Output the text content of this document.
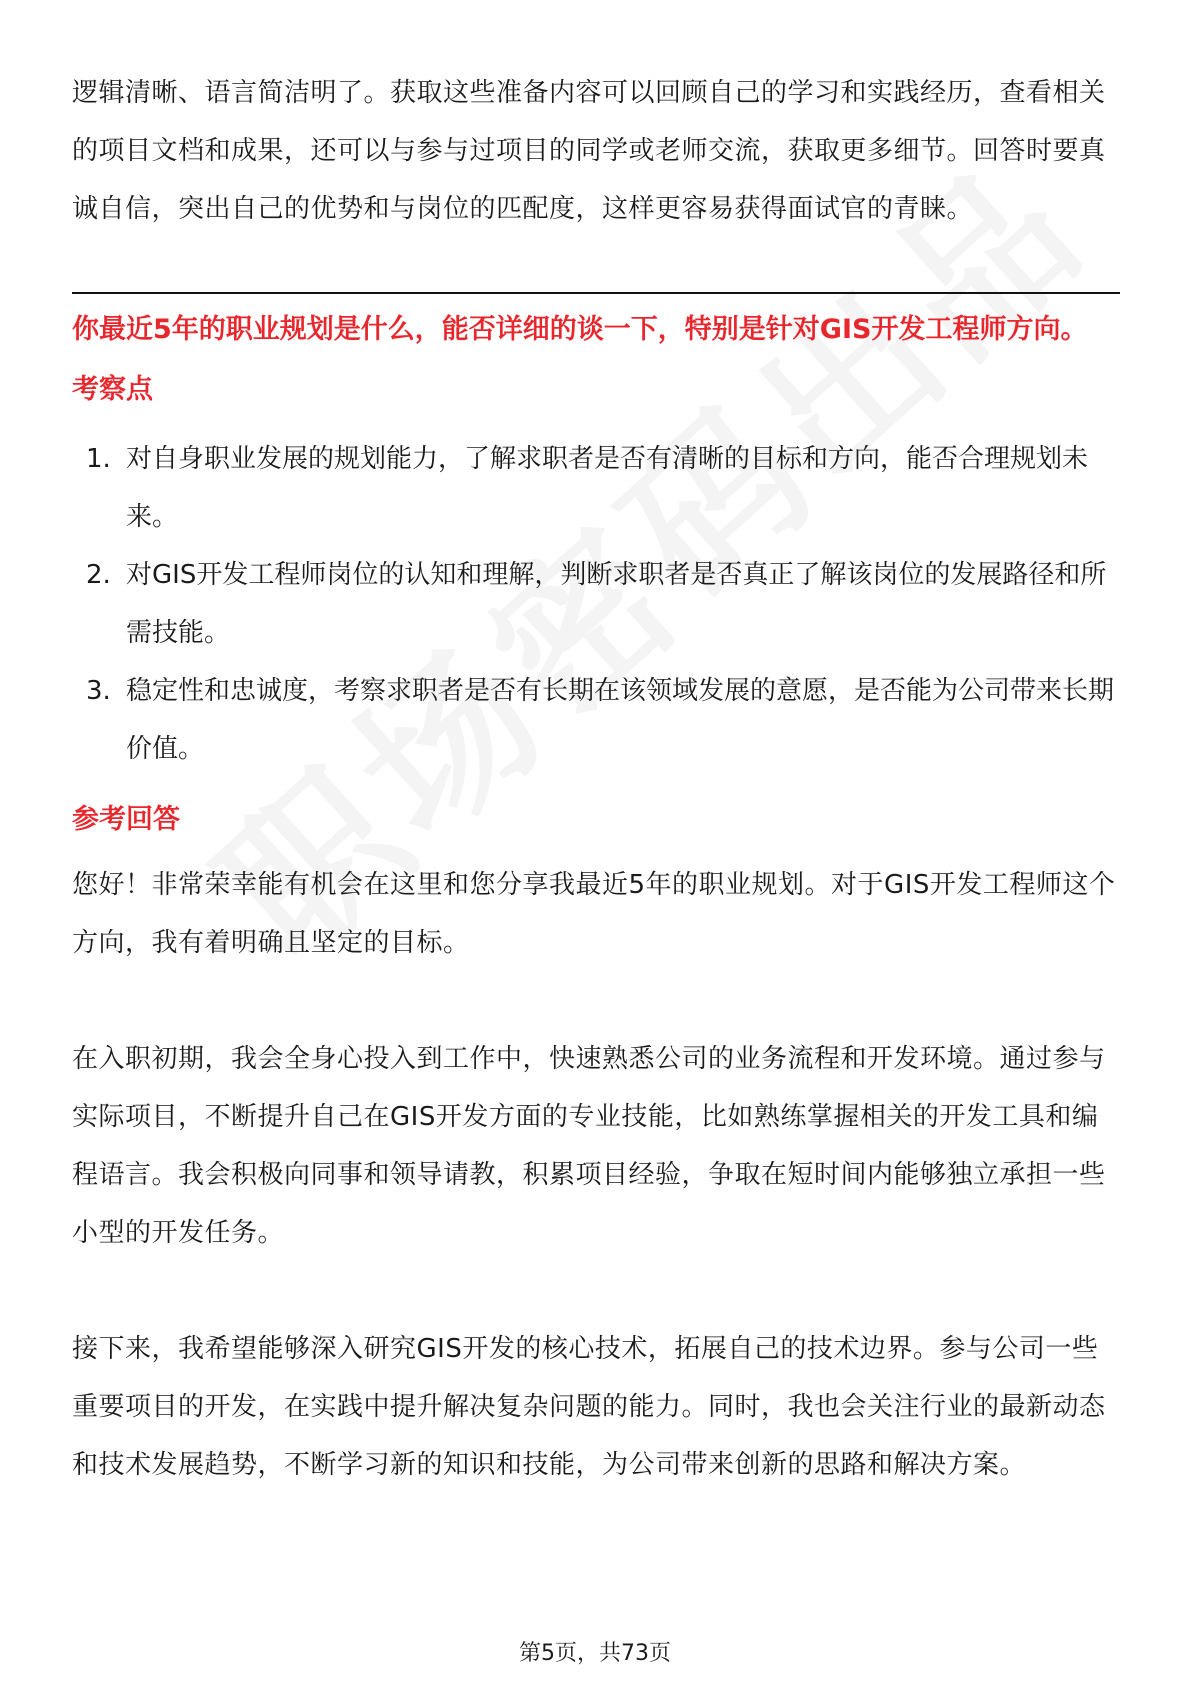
逻辑清晰、语言简洁明了。获取这些准备内容可以回顾自己的学习和实践经历，查看相关的项目文档和成果，还可以与参与过项目的同学或老师交流，获取更多细节。回答时要真诚自信，突出自己的优势和与岗位的匹配度，这样更容易获得面试官的青睐。

你最近5年的职业规划是什么，能否详细的谈一下，特别是针对GIS开发工程师方向。

考察点
1. 对自身职业发展的规划能力，了解求职者是否有清晰的目标和方向，能否合理规划未来。
2. 对GIS开发工程师岗位的认知和理解，判断求职者是否真正了解该岗位的发展路径和所需技能。
3. 稳定性和忠诚度，考察求职者是否有长期在该领域发展的意愿，是否能为公司带来长期价值。
参考回答

您好！非常荣幸能有机会在这里和您分享我最近5年的职业规划。对于GIS开发工程师这个方向，我有着明确且坚定的目标。

在入职初期，我会全身心投入到工作中，快速熟悉公司的业务流程和开发环境。通过参与实际项目，不断提升自己在GIS开发方面的专业技能，比如熟练掌握相关的开发工具和编程语言。我会积极向同事和领导请教，积累项目经验，争取在短时间内能够独立承担一些小型的开发任务。

接下来，我希望能够深入研究GIS开发的核心技术，拓展自己的技术边界。参与公司一些重要项目的开发，在实践中提升解决复杂问题的能力。同时，我也会关注行业的最新动态和技术发展趋势，不断学习新的知识和技能，为公司带来创新的思路和解决方案。

第5页，共73页
